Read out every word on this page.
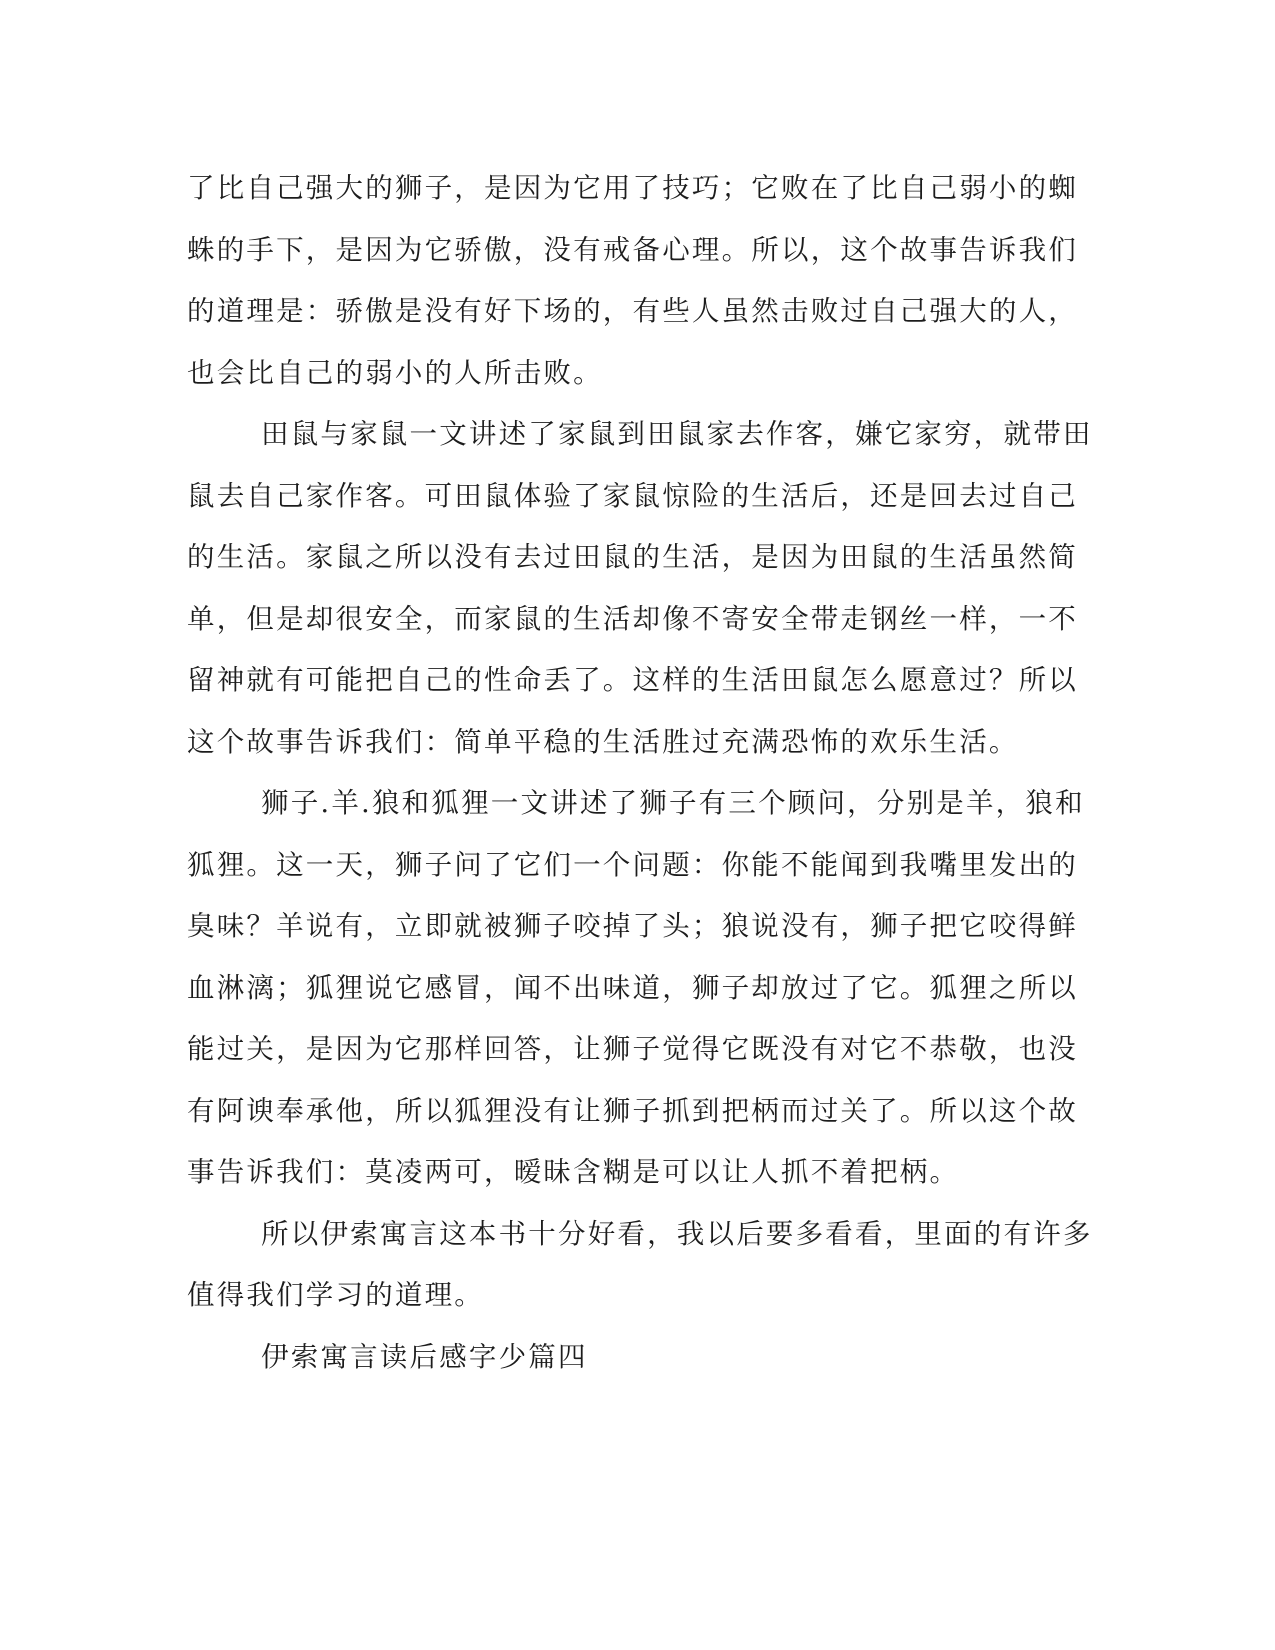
了比自己强大的狮子，是因为它用了技巧；它败在了比自己弱小的蜘
蛛的手下，是因为它骄傲，没有戒备心理。所以，这个故事告诉我们
的道理是：骄傲是没有好下场的，有些人虽然击败过自己强大的人，
也会比自己的弱小的人所击败。
田鼠与家鼠一文讲述了家鼠到田鼠家去作客，嫌它家穷，就带田
鼠去自己家作客。可田鼠体验了家鼠惊险的生活后，还是回去过自己
的生活。家鼠之所以没有去过田鼠的生活，是因为田鼠的生活虽然简
单，但是却很安全，而家鼠的生活却像不寄安全带走钢丝一样，一不
留神就有可能把自己的性命丢了。这样的生活田鼠怎么愿意过？所以
这个故事告诉我们：简单平稳的生活胜过充满恐怖的欢乐生活。
狮子.羊.狼和狐狸一文讲述了狮子有三个顾问，分别是羊，狼和
狐狸。这一天，狮子问了它们一个问题：你能不能闻到我嘴里发出的
臭味？羊说有，立即就被狮子咬掉了头；狼说没有，狮子把它咬得鲜
血淋漓；狐狸说它感冒，闻不出味道，狮子却放过了它。狐狸之所以
能过关，是因为它那样回答，让狮子觉得它既没有对它不恭敬，也没
有阿谀奉承他，所以狐狸没有让狮子抓到把柄而过关了。所以这个故
事告诉我们：莫凌两可，暧昧含糊是可以让人抓不着把柄。
所以伊索寓言这本书十分好看，我以后要多看看，里面的有许多
值得我们学习的道理。
伊索寓言读后感字少篇四
